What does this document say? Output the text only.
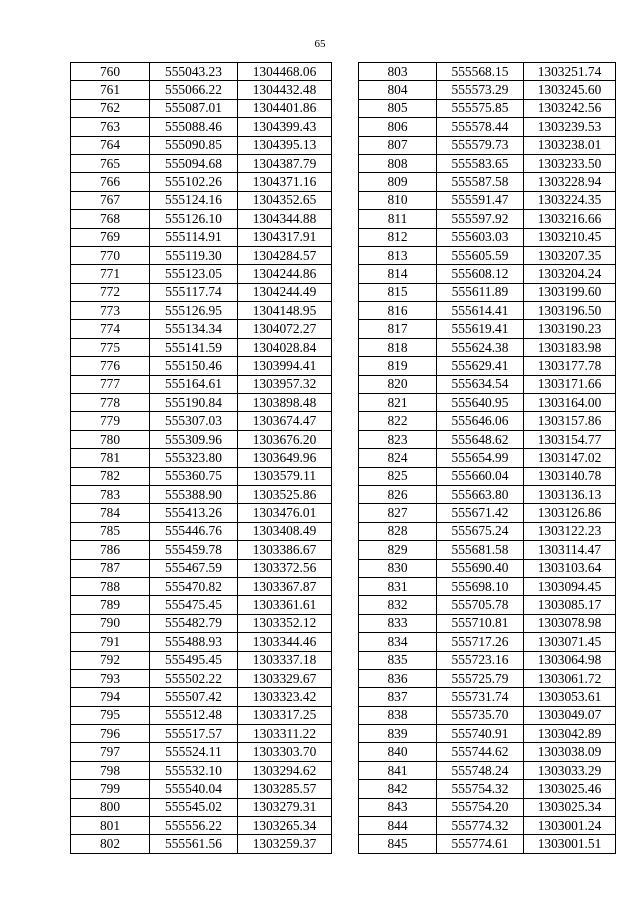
65
760	555043.23	1304468.06
761	555066.22	1304432.48
762	555087.01	1304401.86
763	555088.46	1304399.43
764	555090.85	1304395.13
765	555094.68	1304387.79
766	555102.26	1304371.16
767	555124.16	1304352.65
768	555126.10	1304344.88
769	555114.91	1304317.91
770	555119.30	1304284.57
771	555123.05	1304244.86
772	555117.74	1304244.49
773	555126.95	1304148.95
774	555134.34	1304072.27
775	555141.59	1304028.84
776	555150.46	1303994.41
777	555164.61	1303957.32
778	555190.84	1303898.48
779	555307.03	1303674.47
780	555309.96	1303676.20
781	555323.80	1303649.96
782	555360.75	1303579.11
783	555388.90	1303525.86
784	555413.26	1303476.01
785	555446.76	1303408.49
786	555459.78	1303386.67
787	555467.59	1303372.56
788	555470.82	1303367.87
789	555475.45	1303361.61
790	555482.79	1303352.12
791	555488.93	1303344.46
792	555495.45	1303337.18
793	555502.22	1303329.67
794	555507.42	1303323.42
795	555512.48	1303317.25
796	555517.57	1303311.22
797	555524.11	1303303.70
798	555532.10	1303294.62
799	555540.04	1303285.57
800	555545.02	1303279.31
801	555556.22	1303265.34
802	555561.56	1303259.37
803	555568.15	1303251.74
804	555573.29	1303245.60
805	555575.85	1303242.56
806	555578.44	1303239.53
807	555579.73	1303238.01
808	555583.65	1303233.50
809	555587.58	1303228.94
810	555591.47	1303224.35
811	555597.92	1303216.66
812	555603.03	1303210.45
813	555605.59	1303207.35
814	555608.12	1303204.24
815	555611.89	1303199.60
816	555614.41	1303196.50
817	555619.41	1303190.23
818	555624.38	1303183.98
819	555629.41	1303177.78
820	555634.54	1303171.66
821	555640.95	1303164.00
822	555646.06	1303157.86
823	555648.62	1303154.77
824	555654.99	1303147.02
825	555660.04	1303140.78
826	555663.80	1303136.13
827	555671.42	1303126.86
828	555675.24	1303122.23
829	555681.58	1303114.47
830	555690.40	1303103.64
831	555698.10	1303094.45
832	555705.78	1303085.17
833	555710.81	1303078.98
834	555717.26	1303071.45
835	555723.16	1303064.98
836	555725.79	1303061.72
837	555731.74	1303053.61
838	555735.70	1303049.07
839	555740.91	1303042.89
840	555744.62	1303038.09
841	555748.24	1303033.29
842	555754.32	1303025.46
843	555754.20	1303025.34
844	555774.32	1303001.24
845	555774.61	1303001.51
